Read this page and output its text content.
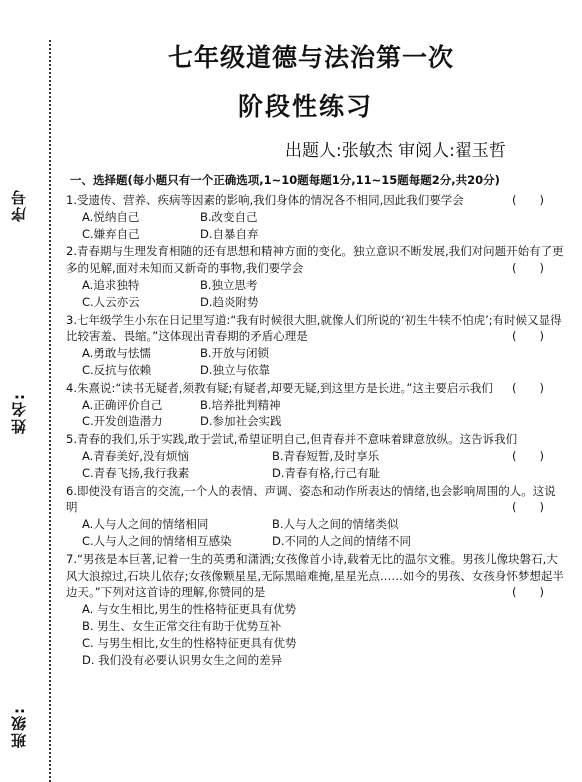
序号
姓名:
班级:
七年级道德与法治第一次
阶段性练习
出题人:张敏杰 审阅人:翟玉哲
一、选择题(每小题只有一个正确选项,1~10题每题1分,11~15题每题2分,共20分)
1.受遗传、营养、疾病等因素的影响,我们身体的情况各不相同,因此我们要学会	(　　)
A.悦纳自己	B.改变自己
C.嫌弃自己	D.自暴自弃
2.青春期与生理发育相随的还有思想和精神方面的变化。独立意识不断发展,我们对问题开始有了更多的见解,面对未知而又新奇的事物,我们要学会	(　　)
A.追求独特	B.独立思考
C.人云亦云	D.趋炎附势
3.七年级学生小东在日记里写道:“我有时候很大胆,就像人们所说的‘初生牛犊不怕虎’;有时候又显得比较害羞、畏缩。”这体现出青春期的矛盾心理是	(　　)
A.勇敢与怯懦	B.开放与闭锁
C.反抗与依赖	D.独立与依靠
4.朱熹说:“读书无疑者,须教有疑;有疑者,却要无疑,到这里方是长进。”这主要启示我们 (　　)
A.正确评价自己	B.培养批判精神
C.开发创造潜力	D.参加社会实践
5.青春的我们,乐于实践,敢于尝试,希望证明自己,但青春并不意味着肆意放纵。这告诉我们
(　　)
A.青春美好,没有烦恼	B.青春短暂,及时享乐
C.青春飞扬,我行我素	D.青春有格,行己有耻
6.即使没有语言的交流,一个人的表情、声调、姿态和动作所表达的情绪,也会影响周围的人。这说明	(　　)
A.人与人之间的情绪相同	B.人与人之间的情绪类似
C.人与人之间的情绪相互感染	D.不同的人之间的情绪不同
7.“男孩是本巨著,记着一生的英勇和潇洒;女孩像首小诗,载着无比的温尔文雅。男孩儿像块磐石,大风大浪掠过,石块儿依存;女孩像颗星星,无际黑暗难掩,星星光点……如今的男孩、女孩身怀梦想起半边天。”下列对这首诗的理解,你赞同的是	(　　)
A. 与女生相比,男生的性格特征更具有优势
B. 男生、女生正常交往有助于优势互补
C. 与男生相比,女生的性格特征更具有优势
D. 我们没有必要认识男女生之间的差异
